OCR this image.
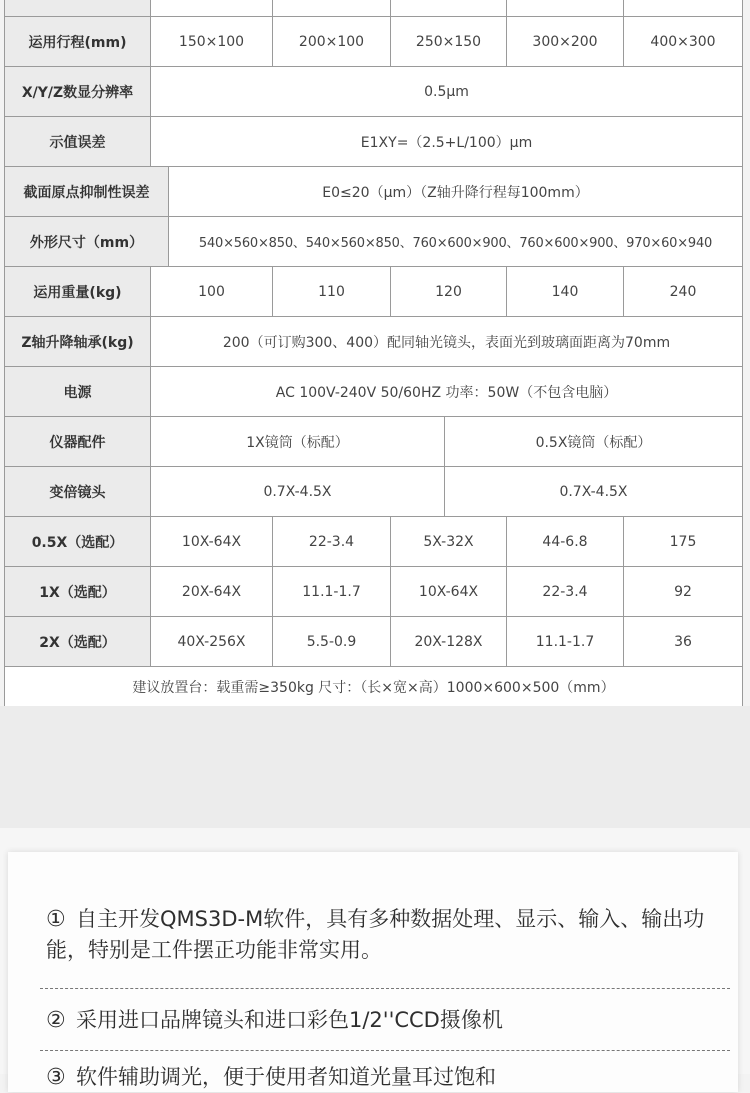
运用行程(mm)	150×100		200×100	250×150		300×200	400×300
X/Y/Z数显分辨率	0.5μm						
示值误差	E1XY=（2.5+L/100）μm						
截面原点抑制性误差		E0≤20（μm）（Z轴升降行程每100mm）					
外形尺寸（mm）		540×560×850、540×560×850、760×600×900、760×600×900、970×60×940					
运用重量(kg)	100		110	120		140	240
Z轴升降轴承(kg)	200（可订购300、400）配同轴光镜头，表面光到玻璃面距离为70mm						
电源	AC 100V-240V 50/60HZ 功率：50W（不包含电脑）						
仪器配件	1X镜筒（标配）				0.5X镜筒（标配）		
变倍镜头	0.7X-4.5X				0.7X-4.5X		
0.5X（选配）	10X-64X		22-3.4	5X-32X		44-6.8	175
1X（选配）	20X-64X		11.1-1.7	10X-64X		22-3.4	92
2X（选配）	40X-256X		5.5-0.9	20X-128X		11.1-1.7	36
建议放置台：载重需≥350kg 尺寸：（长×宽×高）1000×600×500（mm）							
① 自主开发QMS3D-M软件，具有多种数据处理、显示、输入、输出功能，特别是工件摆正功能非常实用。
② 采用进口品牌镜头和进口彩色1/2''CCD摄像机
③ 软件辅助调光，便于使用者知道光量耳过饱和
